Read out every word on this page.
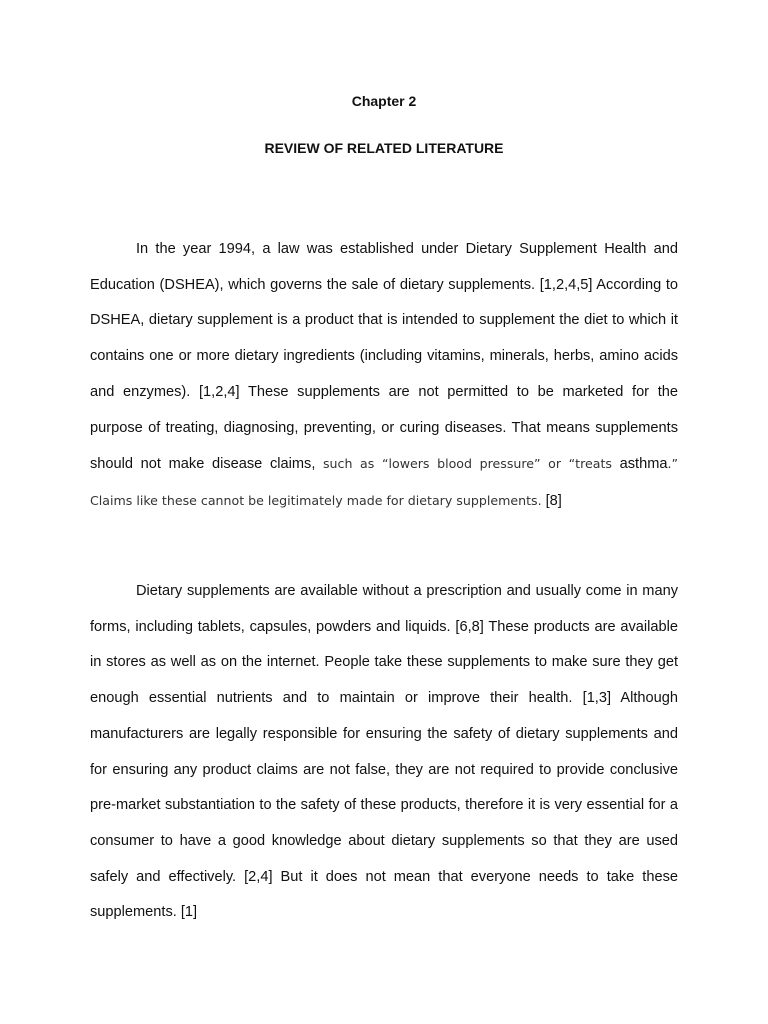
Chapter 2
REVIEW OF RELATED LITERATURE

In the year 1994, a law was established under Dietary Supplement Health and Education (DSHEA), which governs the sale of dietary supplements. [1,2,4,5] According to DSHEA, dietary supplement is a product that is intended to supplement the diet to which it contains one or more dietary ingredients (including vitamins, minerals, herbs, amino acids and enzymes). [1,2,4] These supplements are not permitted to be marketed for the purpose of treating, diagnosing, preventing, or curing diseases. That means supplements should not make disease claims, such as “lowers blood pressure” or “treats asthma.” Claims like these cannot be legitimately made for dietary supplements. [8]

Dietary supplements are available without a prescription and usually come in many forms, including tablets, capsules, powders and liquids. [6,8] These products are available in stores as well as on the internet. People take these supplements to make sure they get enough essential nutrients and to maintain or improve their health. [1,3] Although manufacturers are legally responsible for ensuring the safety of dietary supplements and for ensuring any product claims are not false, they are not required to provide conclusive pre-market substantiation to the safety of these products, therefore it is very essential for a consumer to have a good knowledge about dietary supplements so that they are used safely and effectively. [2,4] But it does not mean that everyone needs to take these supplements. [1]
